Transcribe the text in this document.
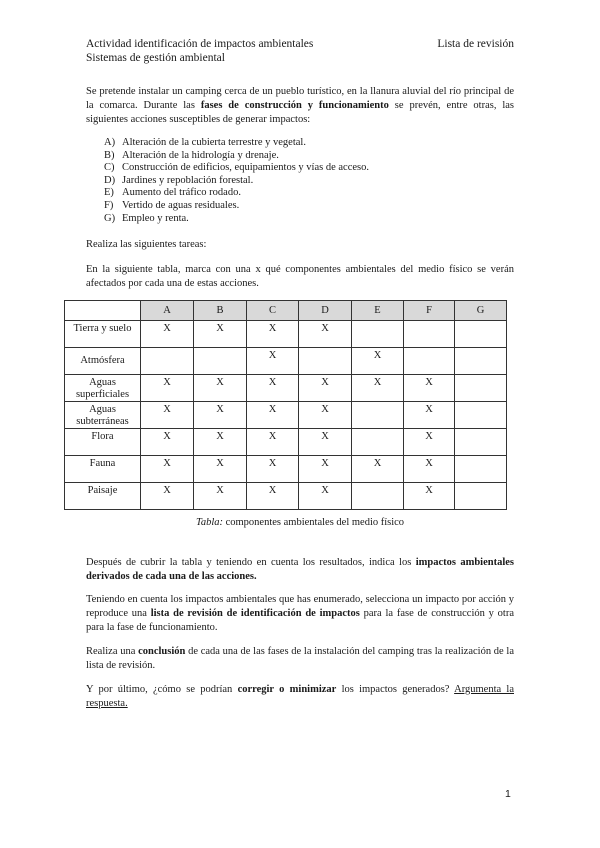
Actividad identificación de impactos ambientales	Lista de revisión
Sistemas de gestión ambiental
Se pretende instalar un camping cerca de un pueblo turístico, en la llanura aluvial del río principal de la comarca. Durante las fases de construcción y funcionamiento se prevén, entre otras, las siguientes acciones susceptibles de generar impactos:
A) Alteración de la cubierta terrestre y vegetal.
B) Alteración de la hidrología y drenaje.
C) Construcción de edificios, equipamientos y vías de acceso.
D) Jardines y repoblación forestal.
E) Aumento del tráfico rodado.
F) Vertido de aguas residuales.
G) Empleo y renta.
Realiza las siguientes tareas:
En la siguiente tabla, marca con una x qué componentes ambientales del medio físico se verán afectados por cada una de estas acciones.
	A	B	C	D	E	F	G
Tierra y suelo	X	X	X	X			
Atmósfera			X		X		
Aguas superficiales	X	X	X	X	X	X	
Aguas subterráneas	X	X	X	X		X	
Flora	X	X	X	X		X	
Fauna	X	X	X	X	X	X	
Paisaje	X	X	X	X		X	
Tabla: componentes ambientales del medio físico
Después de cubrir la tabla y teniendo en cuenta los resultados, indica los impactos ambientales derivados de cada una de las acciones.
Teniendo en cuenta los impactos ambientales que has enumerado, selecciona un impacto por acción y reproduce una lista de revisión de identificación de impactos para la fase de construcción y otra para la fase de funcionamiento.
Realiza una conclusión de cada una de las fases de la instalación del camping tras la realización de la lista de revisión.
Y por último, ¿cómo se podrían corregir o minimizar los impactos generados? Argumenta la respuesta.
1
